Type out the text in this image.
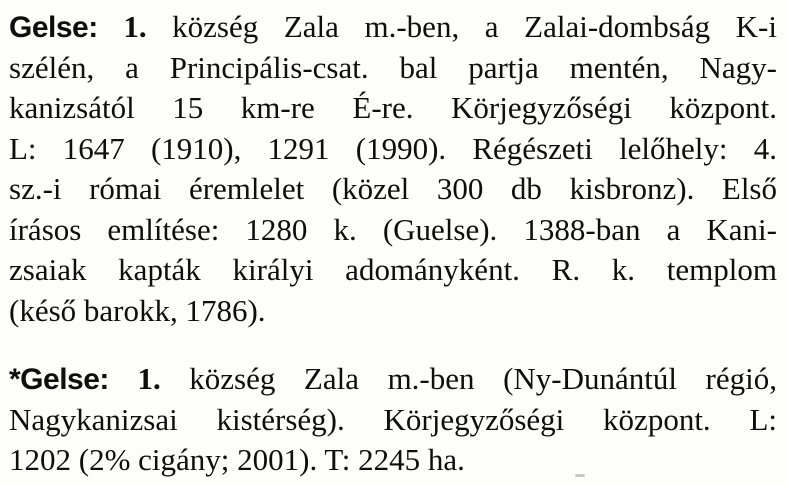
Gelse: 1. község Zala m.-ben, a Zalai-dombság K-i
szélén, a Principális-csat. bal partja mentén, Nagy-
kanizsától 15 km-re É-re. Körjegyzőségi központ.
L: 1647 (1910), 1291 (1990). Régészeti lelőhely: 4.
sz.-i római éremlelet (közel 300 db kisbronz). Első
írásos említése: 1280 k. (Guelse). 1388-ban a Kani-
zsaiak kapták királyi adományként. R. k. templom
(késő barokk, 1786).
*Gelse: 1. község Zala m.-ben (Ny-Dunántúl régió,
Nagykanizsai kistérség). Körjegyzőségi központ. L:
1202 (2% cigány; 2001). T: 2245 ha.
